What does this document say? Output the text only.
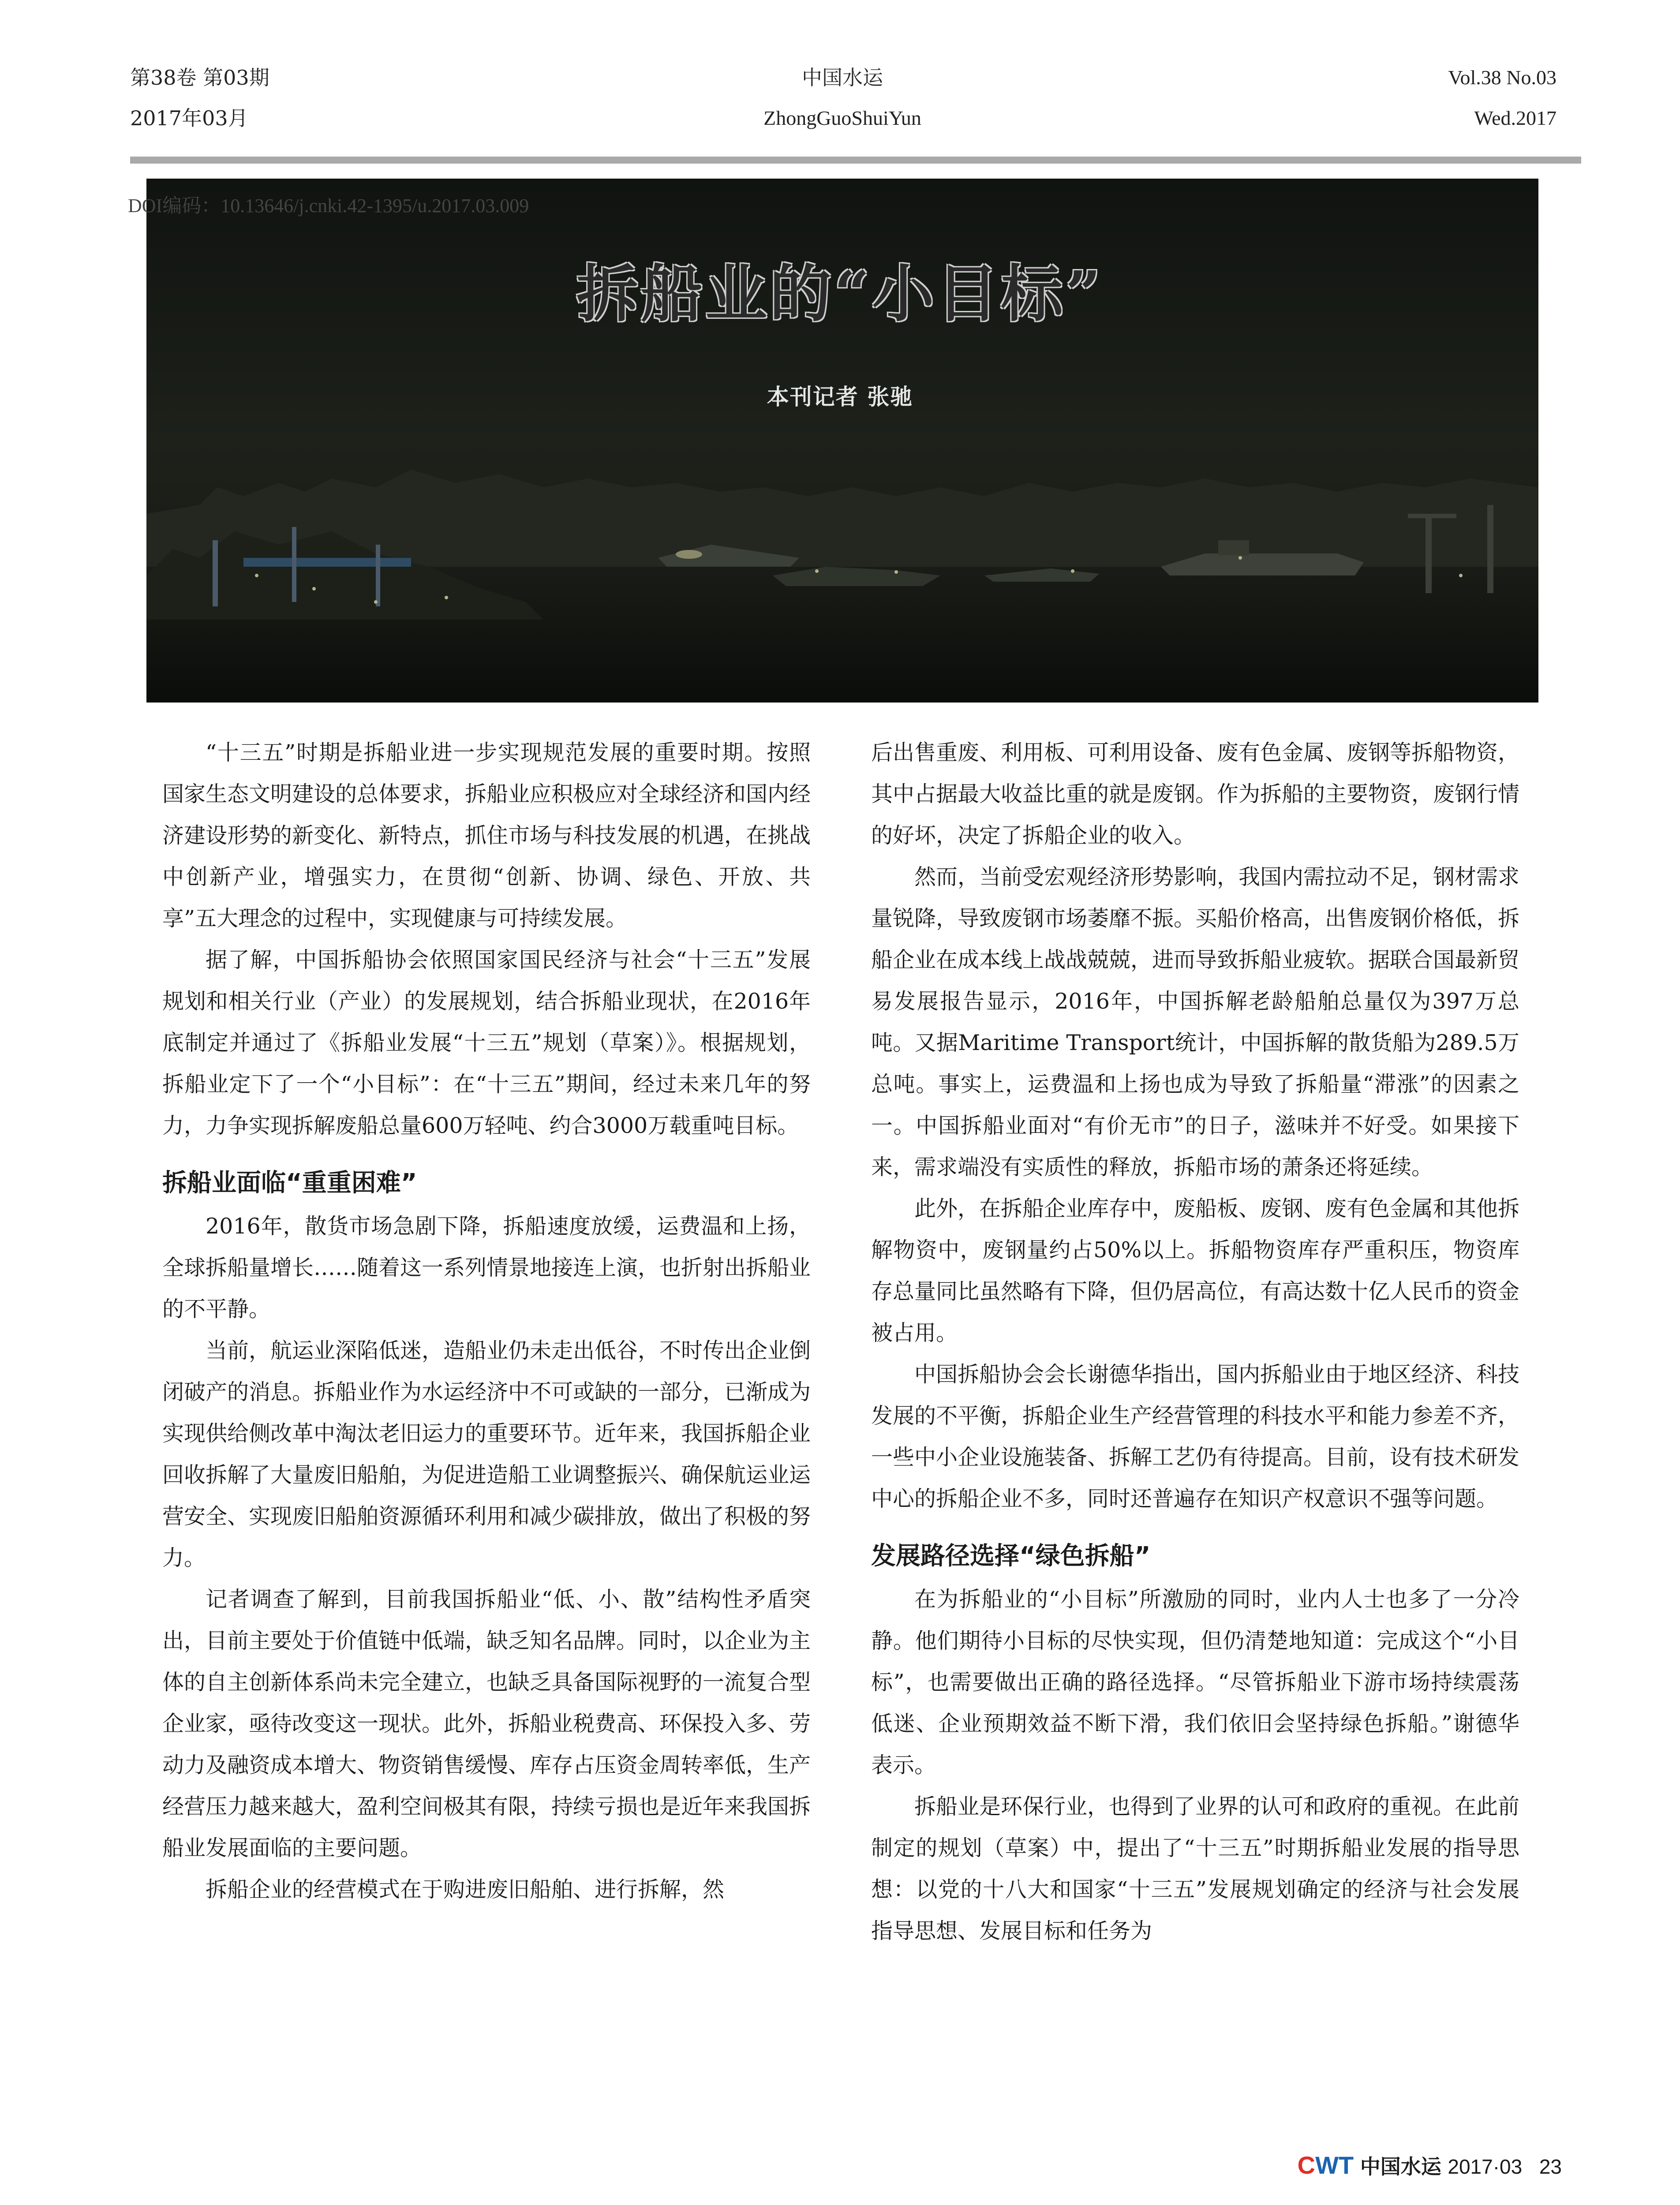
第38卷 第03期
2017年03月
中国水运
ZhongGuoShuiYun
Vol.38 No.03
Wed.2017
DOI编码：10.13646/j.cnki.42-1395/u.2017.03.009
拆船业的“小目标”
本刊记者 张驰

“十三五”时期是拆船业进一步实现规范发展的重要时期。按照国家生态文明建设的总体要求，拆船业应积极应对全球经济和国内经济建设形势的新变化、新特点，抓住市场与科技发展的机遇，在挑战中创新产业，增强实力，在贯彻“创新、协调、绿色、开放、共享”五大理念的过程中，实现健康与可持续发展。

据了解，中国拆船协会依照国家国民经济与社会“十三五”发展规划和相关行业（产业）的发展规划，结合拆船业现状，在2016年底制定并通过了《拆船业发展“十三五”规划（草案）》。根据规划，拆船业定下了一个“小目标”：在“十三五”期间，经过未来几年的努力，力争实现拆解废船总量600万轻吨、约合3000万载重吨目标。

拆船业面临“重重困难”

2016年，散货市场急剧下降，拆船速度放缓，运费温和上扬，全球拆船量增长……随着这一系列情景地接连上演，也折射出拆船业的不平静。

当前，航运业深陷低迷，造船业仍未走出低谷，不时传出企业倒闭破产的消息。拆船业作为水运经济中不可或缺的一部分，已渐成为实现供给侧改革中淘汰老旧运力的重要环节。近年来，我国拆船企业回收拆解了大量废旧船舶，为促进造船工业调整振兴、确保航运业运营安全、实现废旧船舶资源循环利用和减少碳排放，做出了积极的努力。

记者调查了解到，目前我国拆船业“低、小、散”结构性矛盾突出，目前主要处于价值链中低端，缺乏知名品牌。同时，以企业为主体的自主创新体系尚未完全建立，也缺乏具备国际视野的一流复合型企业家，亟待改变这一现状。此外，拆船业税费高、环保投入多、劳动力及融资成本增大、物资销售缓慢、库存占压资金周转率低，生产经营压力越来越大，盈利空间极其有限，持续亏损也是近年来我国拆船业发展面临的主要问题。

拆船企业的经营模式在于购进废旧船舶、进行拆解，然

后出售重废、利用板、可利用设备、废有色金属、废钢等拆船物资，其中占据最大收益比重的就是废钢。作为拆船的主要物资，废钢行情的好坏，决定了拆船企业的收入。

然而，当前受宏观经济形势影响，我国内需拉动不足，钢材需求量锐降，导致废钢市场萎靡不振。买船价格高，出售废钢价格低，拆船企业在成本线上战战兢兢，进而导致拆船业疲软。据联合国最新贸易发展报告显示，2016年，中国拆解老龄船舶总量仅为397万总吨。又据Maritime Transport统计，中国拆解的散货船为289.5万总吨。事实上，运费温和上扬也成为导致了拆船量“滞涨”的因素之一。中国拆船业面对“有价无市”的日子，滋味并不好受。如果接下来，需求端没有实质性的释放，拆船市场的萧条还将延续。

此外，在拆船企业库存中，废船板、废钢、废有色金属和其他拆解物资中，废钢量约占50%以上。拆船物资库存严重积压，物资库存总量同比虽然略有下降，但仍居高位，有高达数十亿人民币的资金被占用。

中国拆船协会会长谢德华指出，国内拆船业由于地区经济、科技发展的不平衡，拆船企业生产经营管理的科技水平和能力参差不齐，一些中小企业设施装备、拆解工艺仍有待提高。目前，设有技术研发中心的拆船企业不多，同时还普遍存在知识产权意识不强等问题。

发展路径选择“绿色拆船”

在为拆船业的“小目标”所激励的同时，业内人士也多了一分冷静。他们期待小目标的尽快实现，但仍清楚地知道：完成这个“小目标”，也需要做出正确的路径选择。“尽管拆船业下游市场持续震荡低迷、企业预期效益不断下滑，我们依旧会坚持绿色拆船。”谢德华表示。

拆船业是环保行业，也得到了业界的认可和政府的重视。在此前制定的规划（草案）中，提出了“十三五”时期拆船业发展的指导思想：以党的十八大和国家“十三五”发展规划确定的经济与社会发展指导思想、发展目标和任务为

CWT 中国水运 2017·03 23
